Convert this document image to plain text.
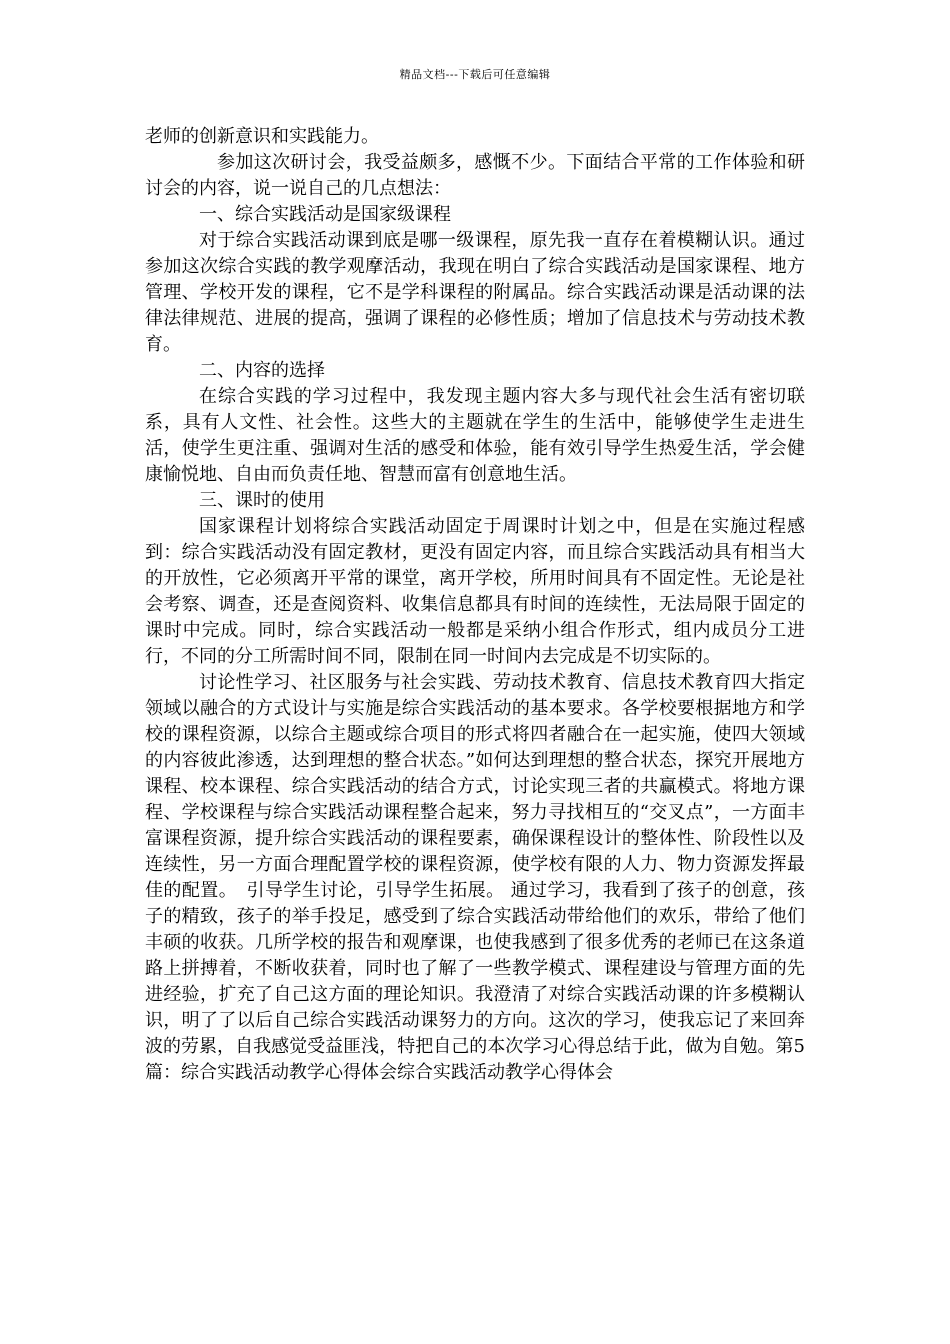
精品文档---下载后可任意编辑

老师的创新意识和实践能力。

参加这次研讨会，我受益颇多，感慨不少。下面结合平常的工作体验和研讨会的内容，说一说自己的几点想法：

一、综合实践活动是国家级课程

对于综合实践活动课到底是哪一级课程，原先我一直存在着模糊认识。通过参加这次综合实践的教学观摩活动，我现在明白了综合实践活动是国家课程、地方管理、学校开发的课程，它不是学科课程的附属品。综合实践活动课是活动课的法律法律规范、进展的提高，强调了课程的必修性质；增加了信息技术与劳动技术教育。

二、内容的选择

在综合实践的学习过程中，我发现主题内容大多与现代社会生活有密切联系，具有人文性、社会性。这些大的主题就在学生的生活中，能够使学生走进生活，使学生更注重、强调对生活的感受和体验，能有效引导学生热爱生活，学会健康愉悦地、自由而负责任地、智慧而富有创意地生活。

三、课时的使用

国家课程计划将综合实践活动固定于周课时计划之中，但是在实施过程感到：综合实践活动没有固定教材，更没有固定内容，而且综合实践活动具有相当大的开放性，它必须离开平常的课堂，离开学校，所用时间具有不固定性。无论是社会考察、调查，还是查阅资料、收集信息都具有时间的连续性，无法局限于固定的课时中完成。同时，综合实践活动一般都是采纳小组合作形式，组内成员分工进行，不同的分工所需时间不同，限制在同一时间内去完成是不切实际的。

讨论性学习、社区服务与社会实践、劳动技术教育、信息技术教育四大指定领域以融合的方式设计与实施是综合实践活动的基本要求。各学校要根据地方和学校的课程资源，以综合主题或综合项目的形式将四者融合在一起实施，使四大领域的内容彼此渗透，达到理想的整合状态。”如何达到理想的整合状态，探究开展地方课程、校本课程、综合实践活动的结合方式，讨论实现三者的共赢模式。将地方课程、学校课程与综合实践活动课程整合起来，努力寻找相互的“交叉点”，一方面丰富课程资源，提升综合实践活动的课程要素，确保课程设计的整体性、阶段性以及连续性，另一方面合理配置学校的课程资源，使学校有限的人力、物力资源发挥最佳的配置。　引导学生讨论，引导学生拓展。 通过学习，我看到了孩子的创意，孩子的精致，孩子的举手投足，感受到了综合实践活动带给他们的欢乐，带给了他们丰硕的收获。几所学校的报告和观摩课，也使我感到了很多优秀的老师已在这条道路上拼搏着，不断收获着，同时也了解了一些教学模式、课程建设与管理方面的先进经验，扩充了自己这方面的理论知识。我澄清了对综合实践活动课的许多模糊认识，明了了以后自己综合实践活动课努力的方向。这次的学习，使我忘记了来回奔波的劳累，自我感觉受益匪浅，特把自己的本次学习心得总结于此，做为自勉。第5篇：综合实践活动教学心得体会综合实践活动教学心得体会
